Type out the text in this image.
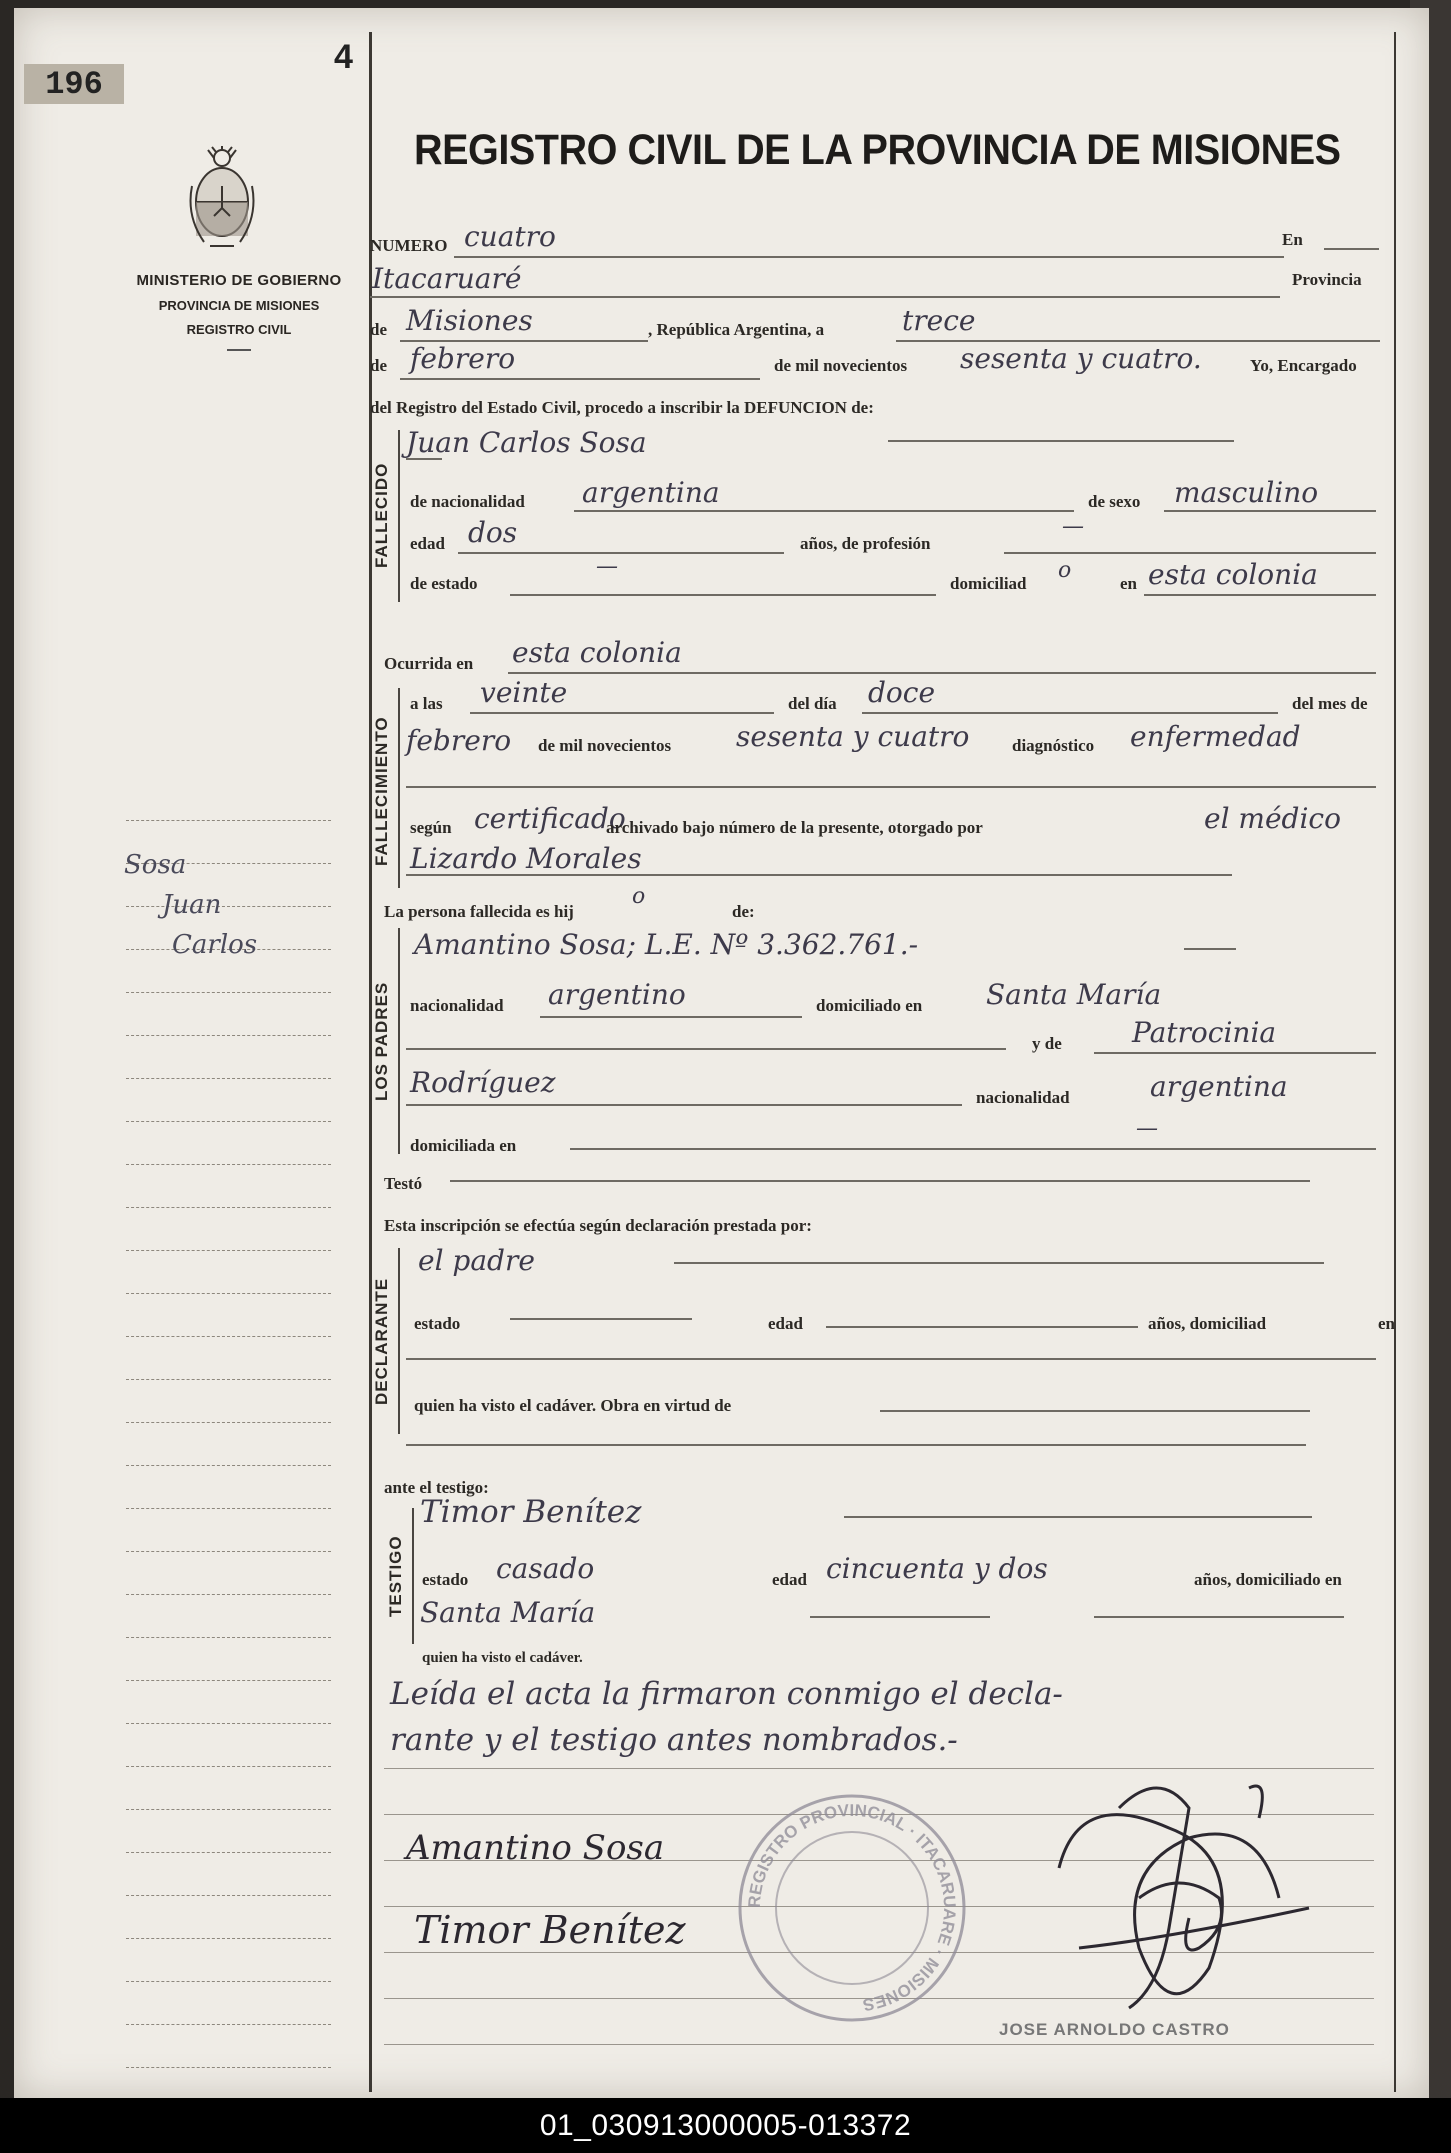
196
4
MINISTERIO DE GOBIERNO
PROVINCIA DE MISIONES
REGISTRO CIVIL
Sosa
Juan
Carlos
REGISTRO CIVIL DE LA PROVINCIA DE MISIONES
NUMERO cuatro	En
Itacaruaré	Provincia
de Misiones	, República Argentina, a	trece
de febrero	de mil novecientos sesenta y cuatro.	Yo, Encargado
del Registro del Estado Civil, procedo a inscribir la DEFUNCION de:
FALLECIDO
Juan Carlos Sosa
de nacionalidad argentina	de sexo masculino
edad dos	años, de profesión
—
de estado
—
domiciliad
o
en esta colonia
Ocurrida en esta colonia
FALLECIMIENTO
a las veinte	del día doce	del mes de
febrero de mil novecientos sesenta y cuatro	diagnóstico enfermedad
según certificado
archivado bajo número de la presente, otorgado por	el médico
Lizardo Morales
La persona fallecida es hij
o
de:
LOS PADRES
Amantino Sosa; L.E. Nº 3.362.761.-
nacionalidad argentino	domiciliado en Santa María
y de	Patrocinia
Rodríguez	nacionalidad	argentina
domiciliada en
—
Testó
Esta inscripción se efectúa según declaración prestada por:
DECLARANTE
el padre
estado	edad	años, domiciliad	en
quien ha visto el cadáver. Obra en virtud de
ante el testigo:
TESTIGO
Timor Benítez
estado casado	edad cincuenta y dos	años, domiciliado en
Santa María
quien ha visto el cadáver.
Leída el acta la firmaron conmigo el decla-
rante y el testigo antes nombrados.-
Amantino Sosa
Timor Benítez
REGISTRO PROVINCIAL · ITACARUARE · MISIONES
JOSE ARNOLDO CASTRO
01_030913000005-013372
